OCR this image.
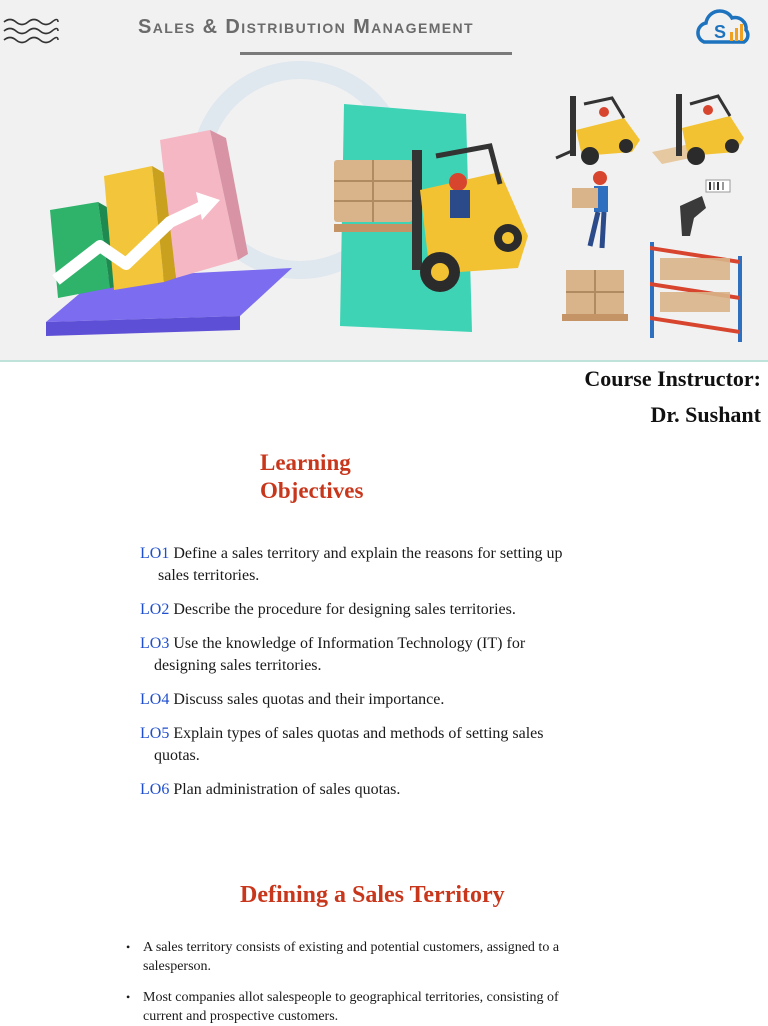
Sales & Distribution Management	S
Course Instructor:
Dr. Sushant
Learning
Objectives
LO1 Define a sales territory and explain the reasons for setting up
sales territories.
LO2 Describe the procedure for designing sales territories.
LO3 Use the knowledge of Information Technology (IT) for
designing sales territories.
LO4 Discuss sales quotas and their importance.
LO5 Explain types of sales quotas and methods of setting sales
quotas.
LO6 Plan administration of sales quotas.
Defining a Sales Territory
• A sales territory consists of existing and potential customers, assigned to a
salesperson.
• Most companies allot salespeople to geographical territories, consisting of
current and prospective customers.
